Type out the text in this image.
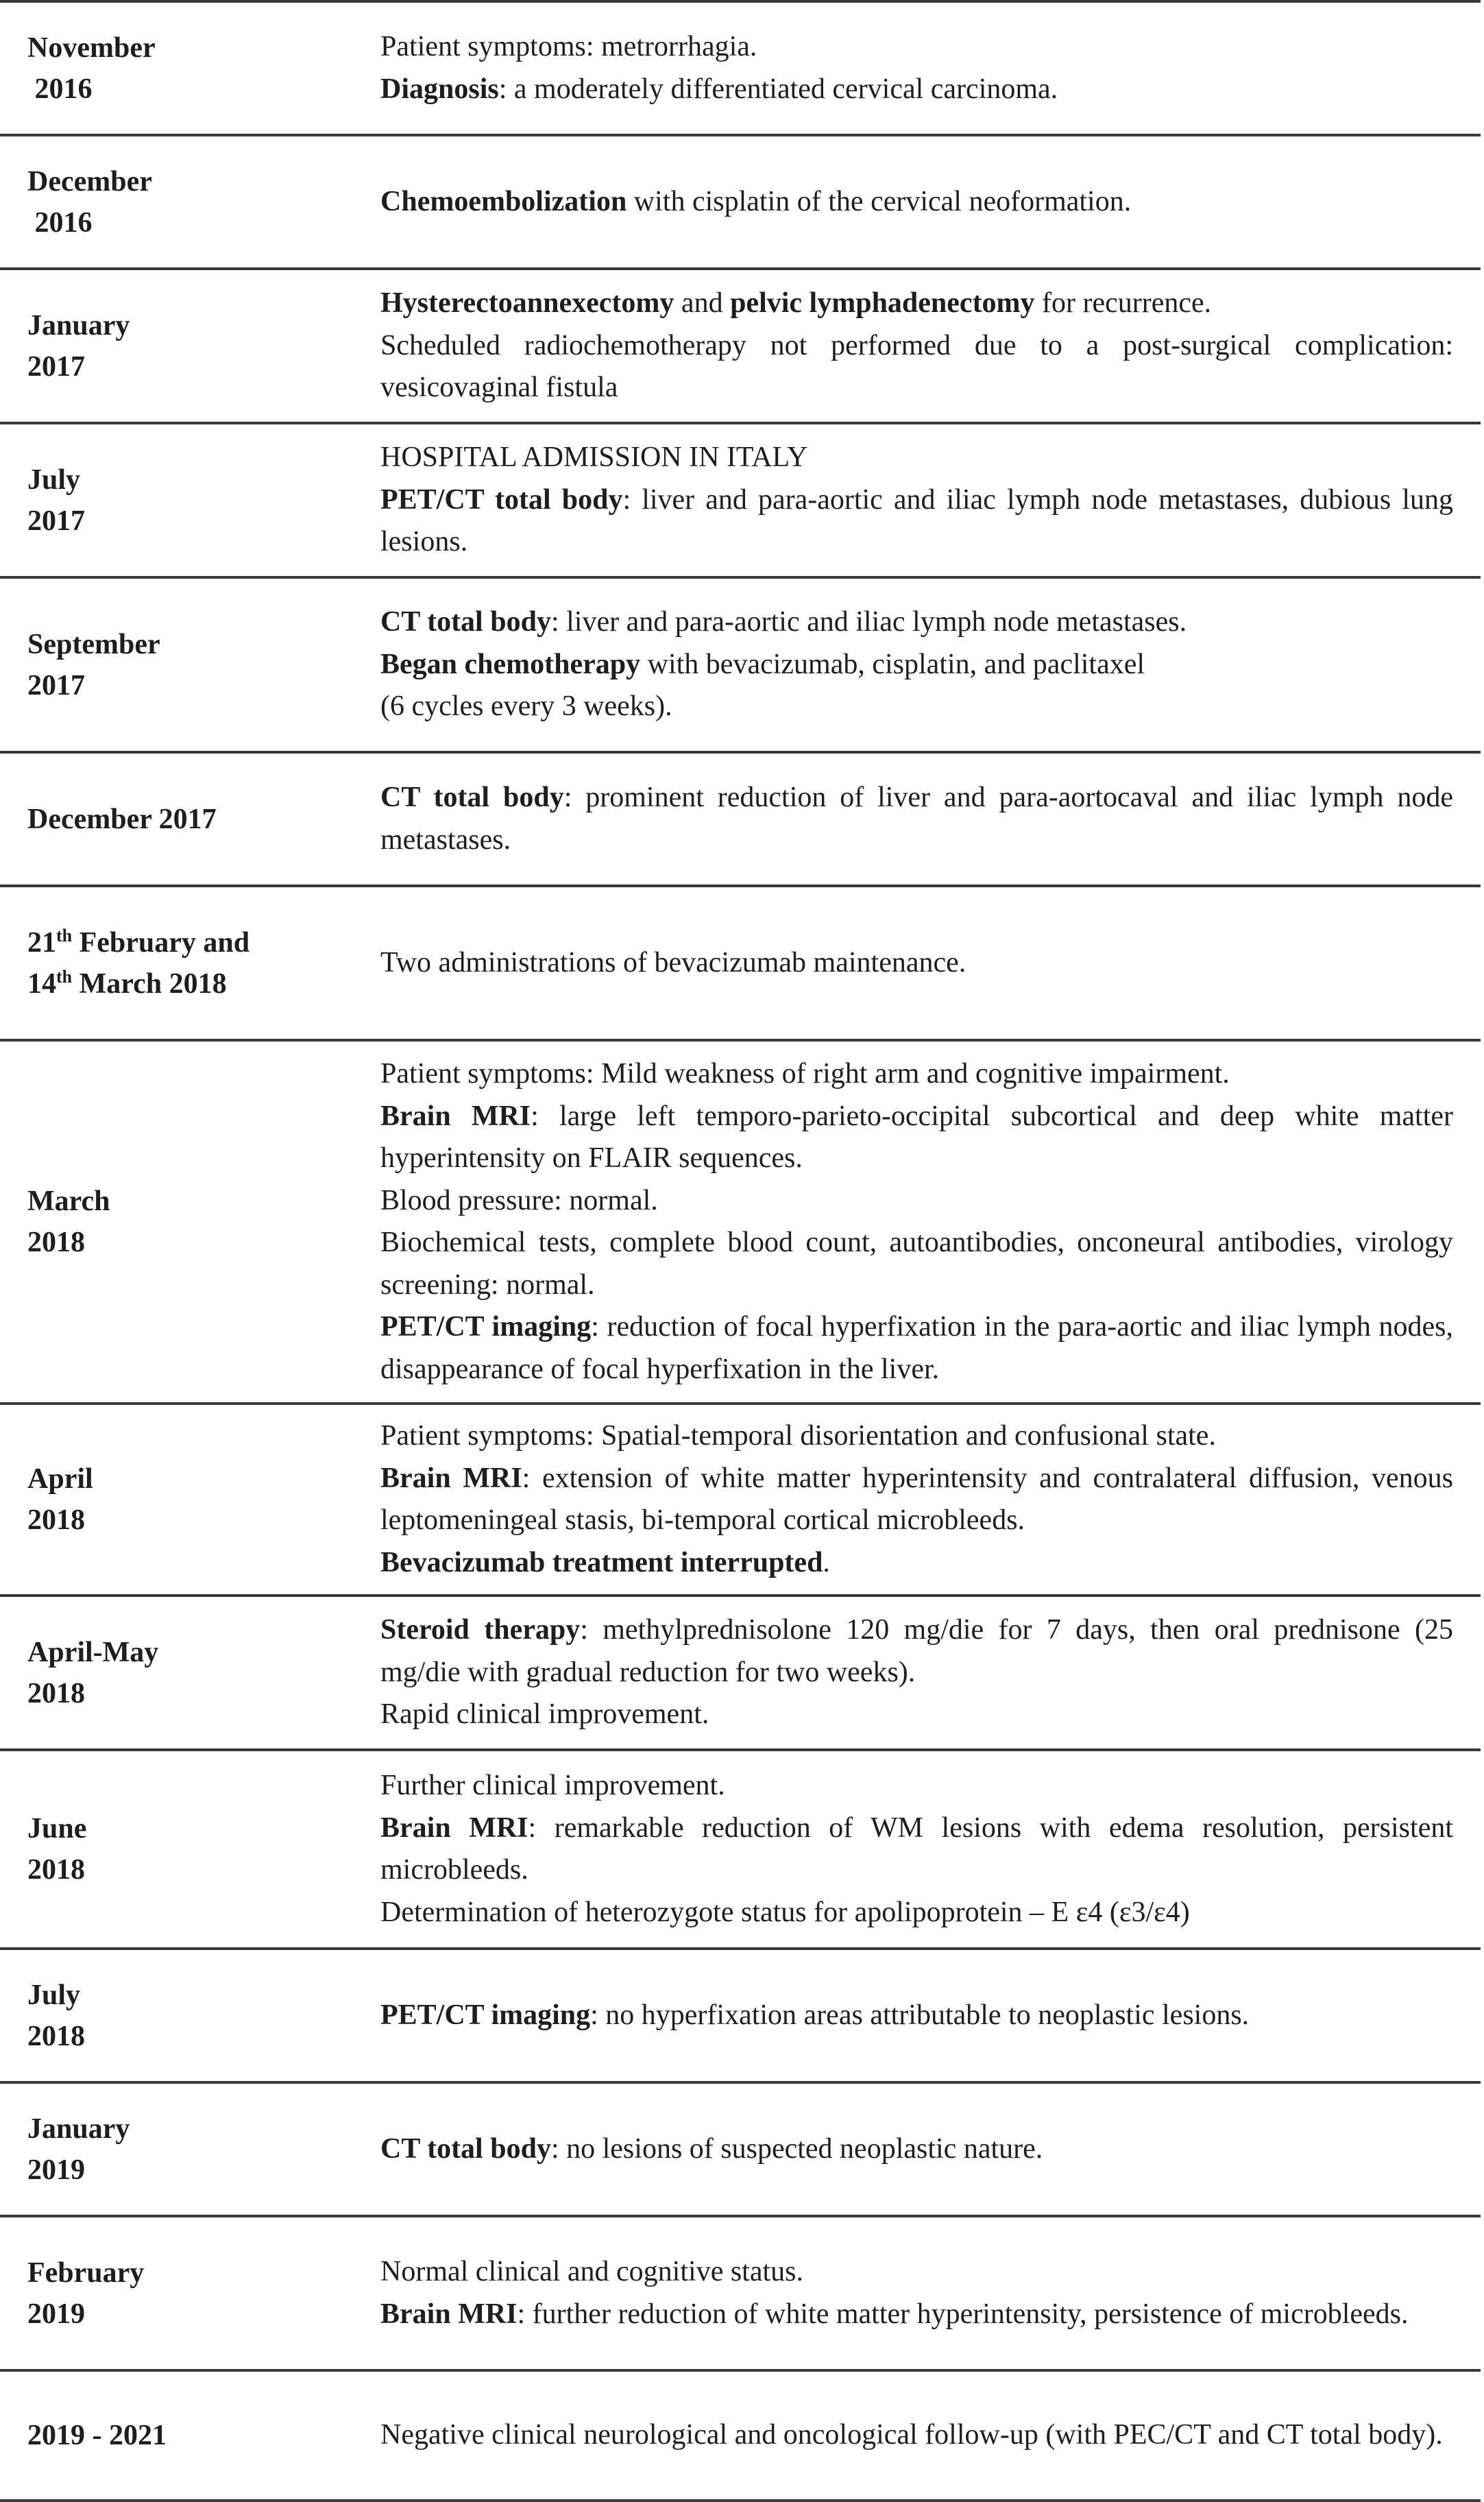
November
2016	Patient symptoms: metrorrhagia.
Diagnosis: a moderately differentiated cervical carcinoma.

December
2016	Chemoembolization with cisplatin of the cervical neoformation.

January
2017	Hysterectoannexectomy and pelvic lymphadenectomy for recurrence.
Scheduled radiochemotherapy not performed due to a post-surgical complication: vesicovaginal fistula

July
2017	HOSPITAL ADMISSION IN ITALY
PET/CT total body: liver and para-aortic and iliac lymph node metastases, dubious lung lesions.

September
2017	CT total body: liver and para-aortic and iliac lymph node metastases.
Began chemotherapy with bevacizumab, cisplatin, and paclitaxel
(6 cycles every 3 weeks).

December 2017	CT total body: prominent reduction of liver and para-aortocaval and iliac lymph node metastases.

21th February and
14th March 2018	Two administrations of bevacizumab maintenance.

March
2018	Patient symptoms: Mild weakness of right arm and cognitive impairment.
Brain MRI: large left temporo-parieto-occipital subcortical and deep white matter hyperintensity on FLAIR sequences.
Blood pressure: normal.
Biochemical tests, complete blood count, autoantibodies, onconeural antibodies, virology screening: normal.
PET/CT imaging: reduction of focal hyperfixation in the para-aortic and iliac lymph nodes, disappearance of focal hyperfixation in the liver.

April
2018	Patient symptoms: Spatial-temporal disorientation and confusional state.
Brain MRI: extension of white matter hyperintensity and contralateral diffusion, venous leptomeningeal stasis, bi-temporal cortical microbleeds.
Bevacizumab treatment interrupted.

April-May
2018	Steroid therapy: methylprednisolone 120 mg/die for 7 days, then oral prednisone (25 mg/die with gradual reduction for two weeks).
Rapid clinical improvement.

June
2018	Further clinical improvement.
Brain MRI: remarkable reduction of WM lesions with edema resolution, persistent microbleeds.
Determination of heterozygote status for apolipoprotein – E ε4 (ε3/ε4)

July
2018	PET/CT imaging: no hyperfixation areas attributable to neoplastic lesions.

January
2019	CT total body: no lesions of suspected neoplastic nature.

February
2019	Normal clinical and cognitive status.
Brain MRI: further reduction of white matter hyperintensity, persistence of microbleeds.

2019 - 2021	Negative clinical neurological and oncological follow-up (with PEC/CT and CT total body).
